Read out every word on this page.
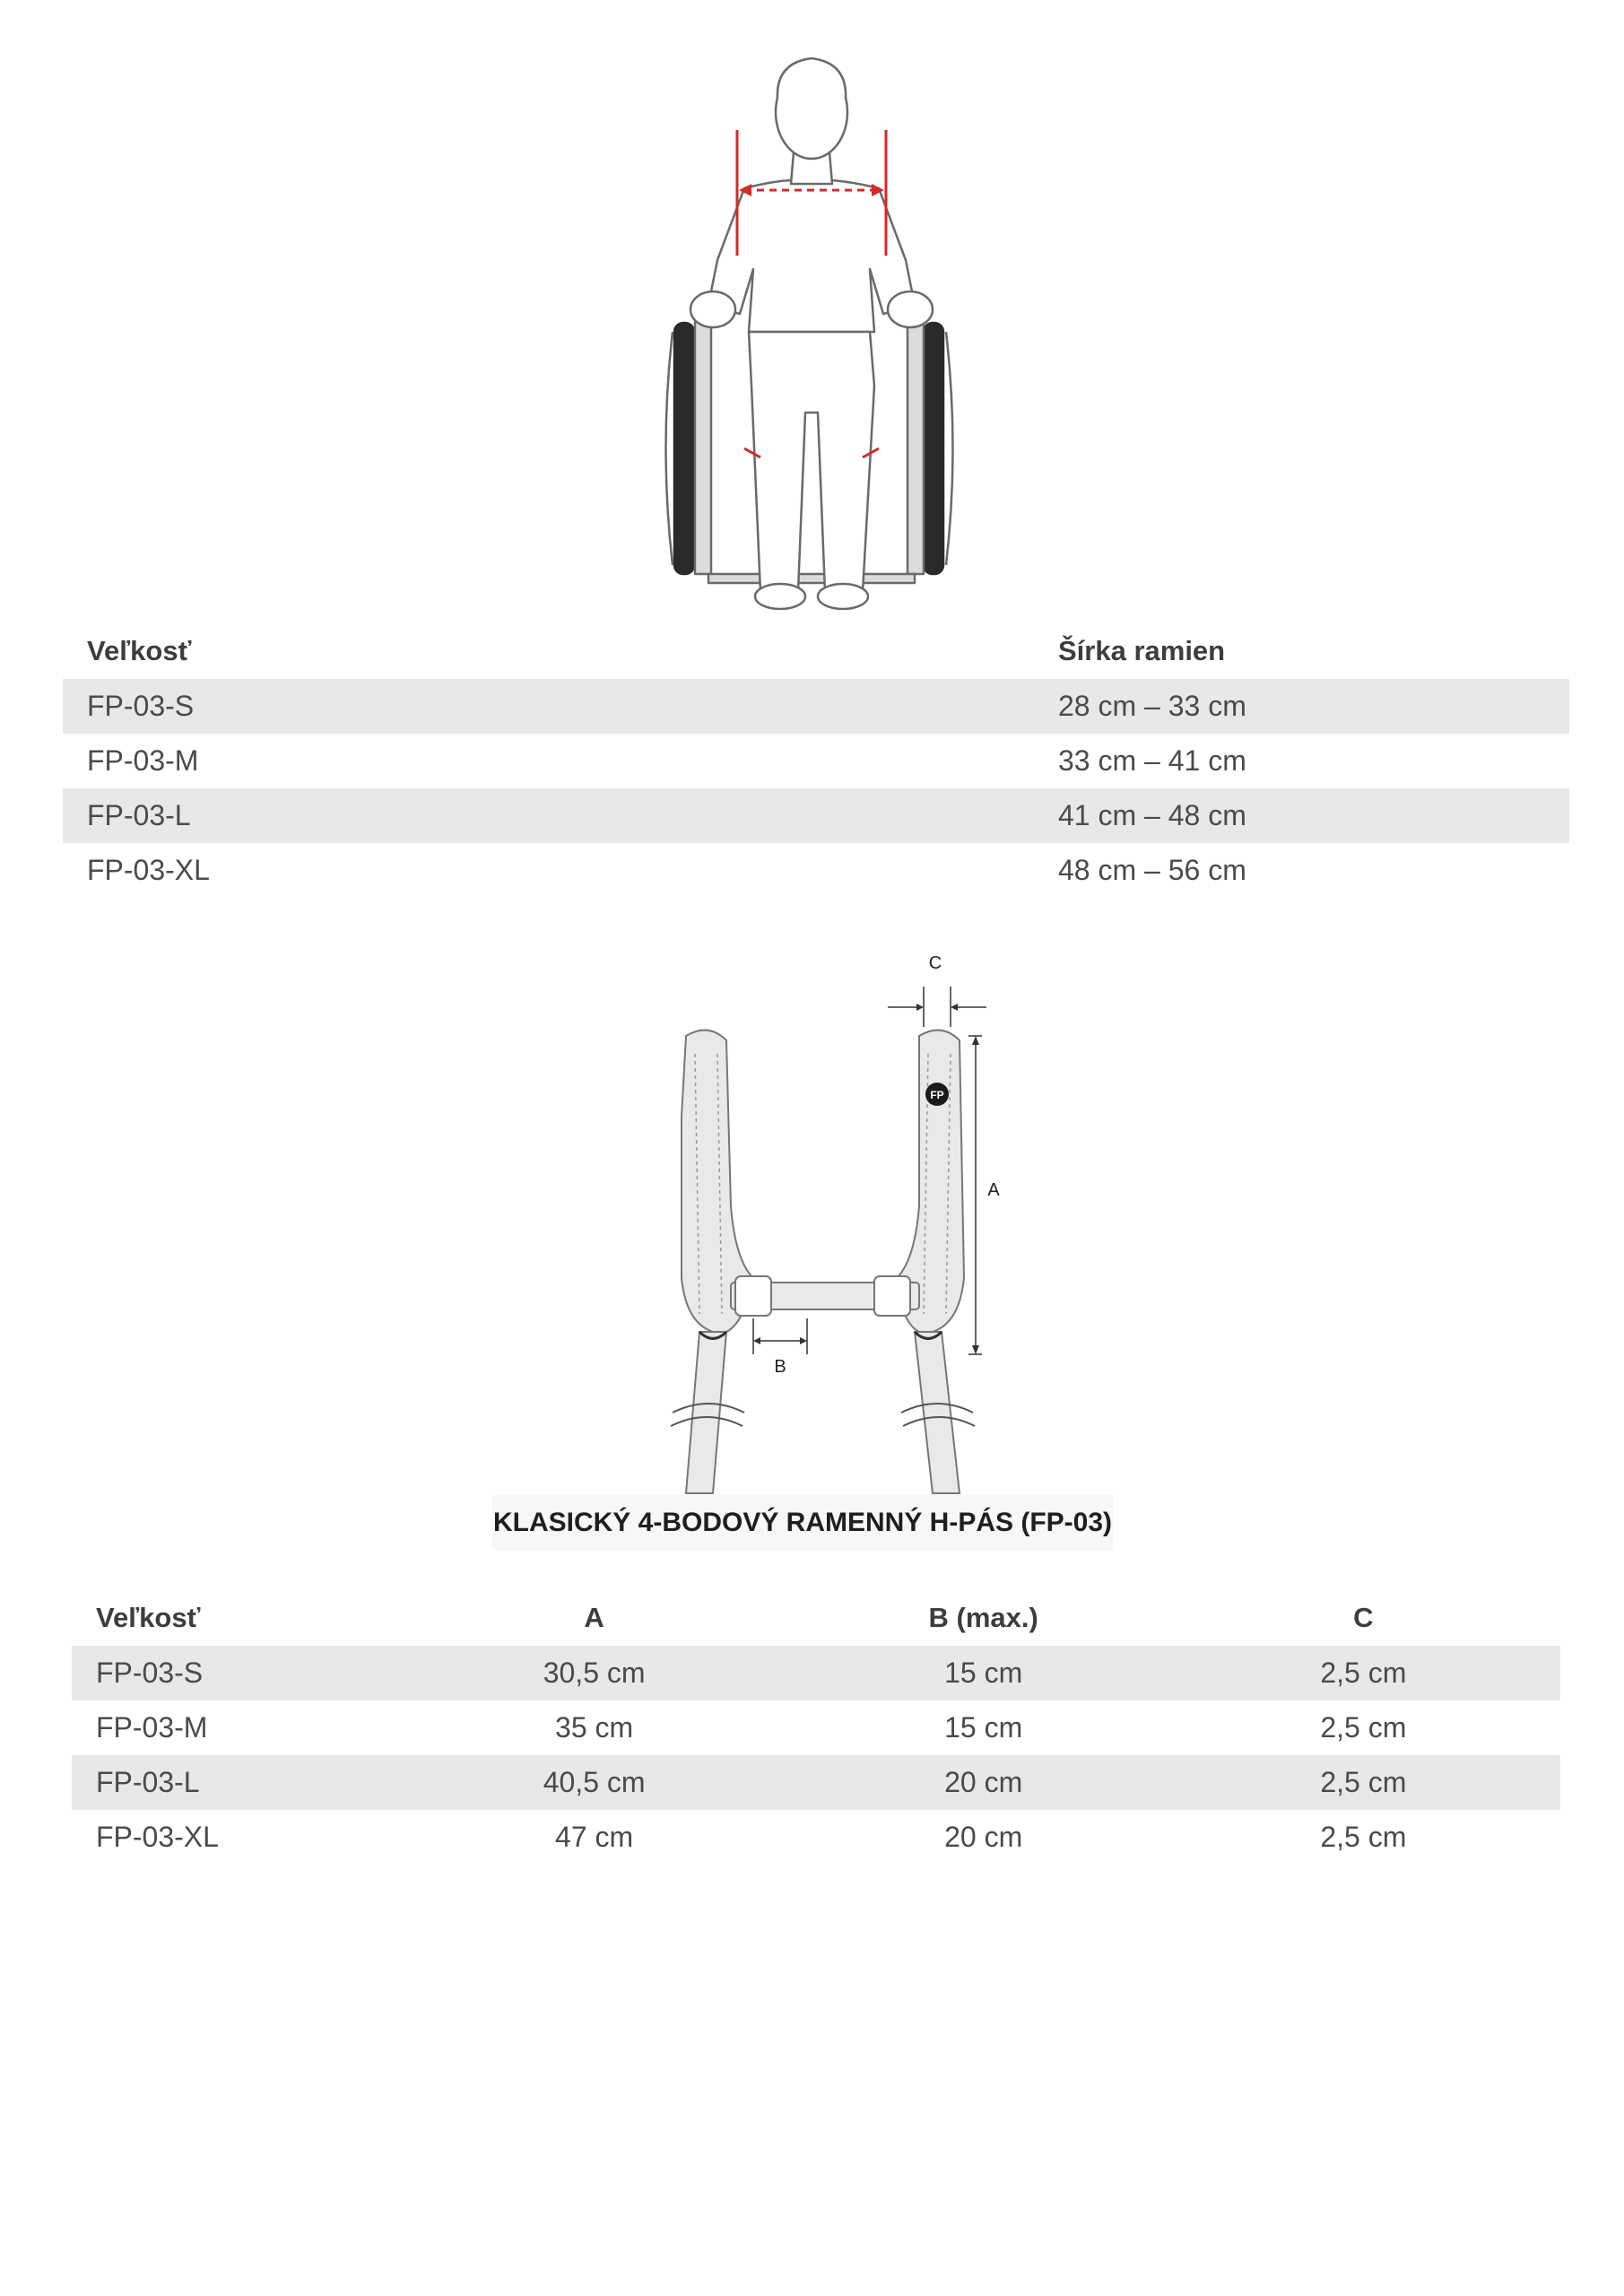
Veľkosť	Šírka ramien
FP-03-S	28 cm – 33 cm
FP-03-M	33 cm – 41 cm
FP-03-L	41 cm – 48 cm
FP-03-XL	48 cm – 56 cm
FP
C
A
B
KLASICKÝ 4-BODOVÝ RAMENNÝ H-PÁS (FP-03)
Veľkosť	A	B (max.)	C
FP-03-S	30,5 cm	15 cm	2,5 cm
FP-03-M	35 cm	15 cm	2,5 cm
FP-03-L	40,5 cm	20 cm	2,5 cm
FP-03-XL	47 cm	20 cm	2,5 cm
